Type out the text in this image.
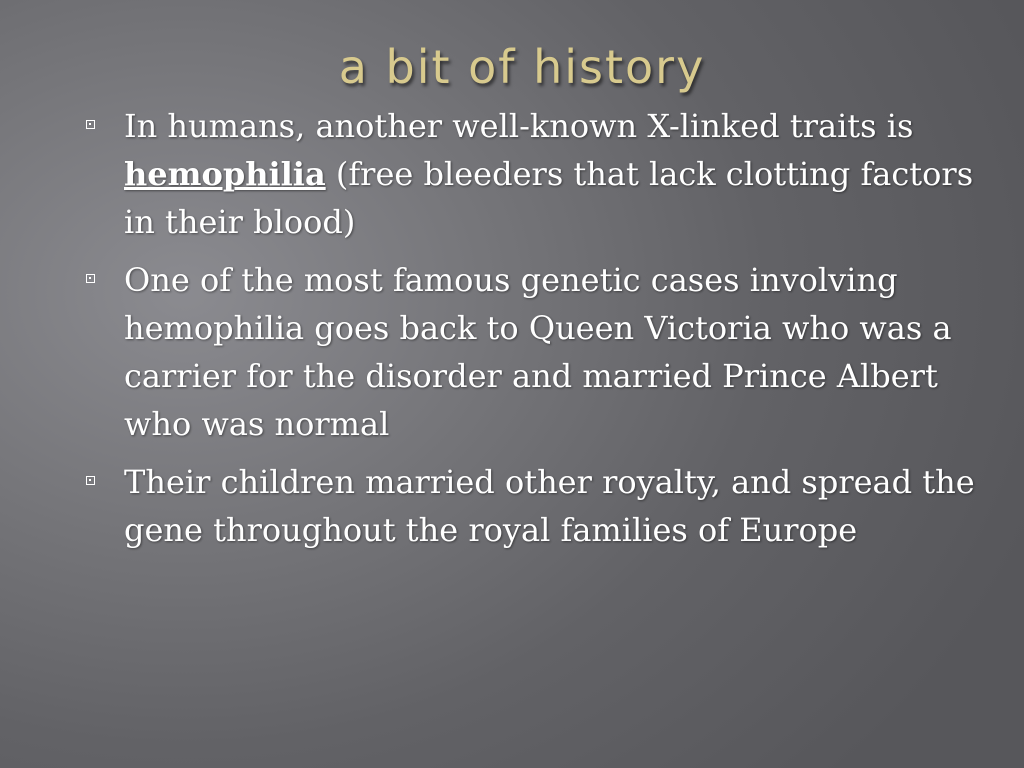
a bit of history
In humans, another well-known X-linked traits is hemophilia (free bleeders that lack clotting factors in their blood)
One of the most famous genetic cases involving hemophilia goes back to Queen Victoria who was a carrier for the disorder and married Prince Albert who was normal
Their children married other royalty, and spread the gene throughout the royal families of Europe
